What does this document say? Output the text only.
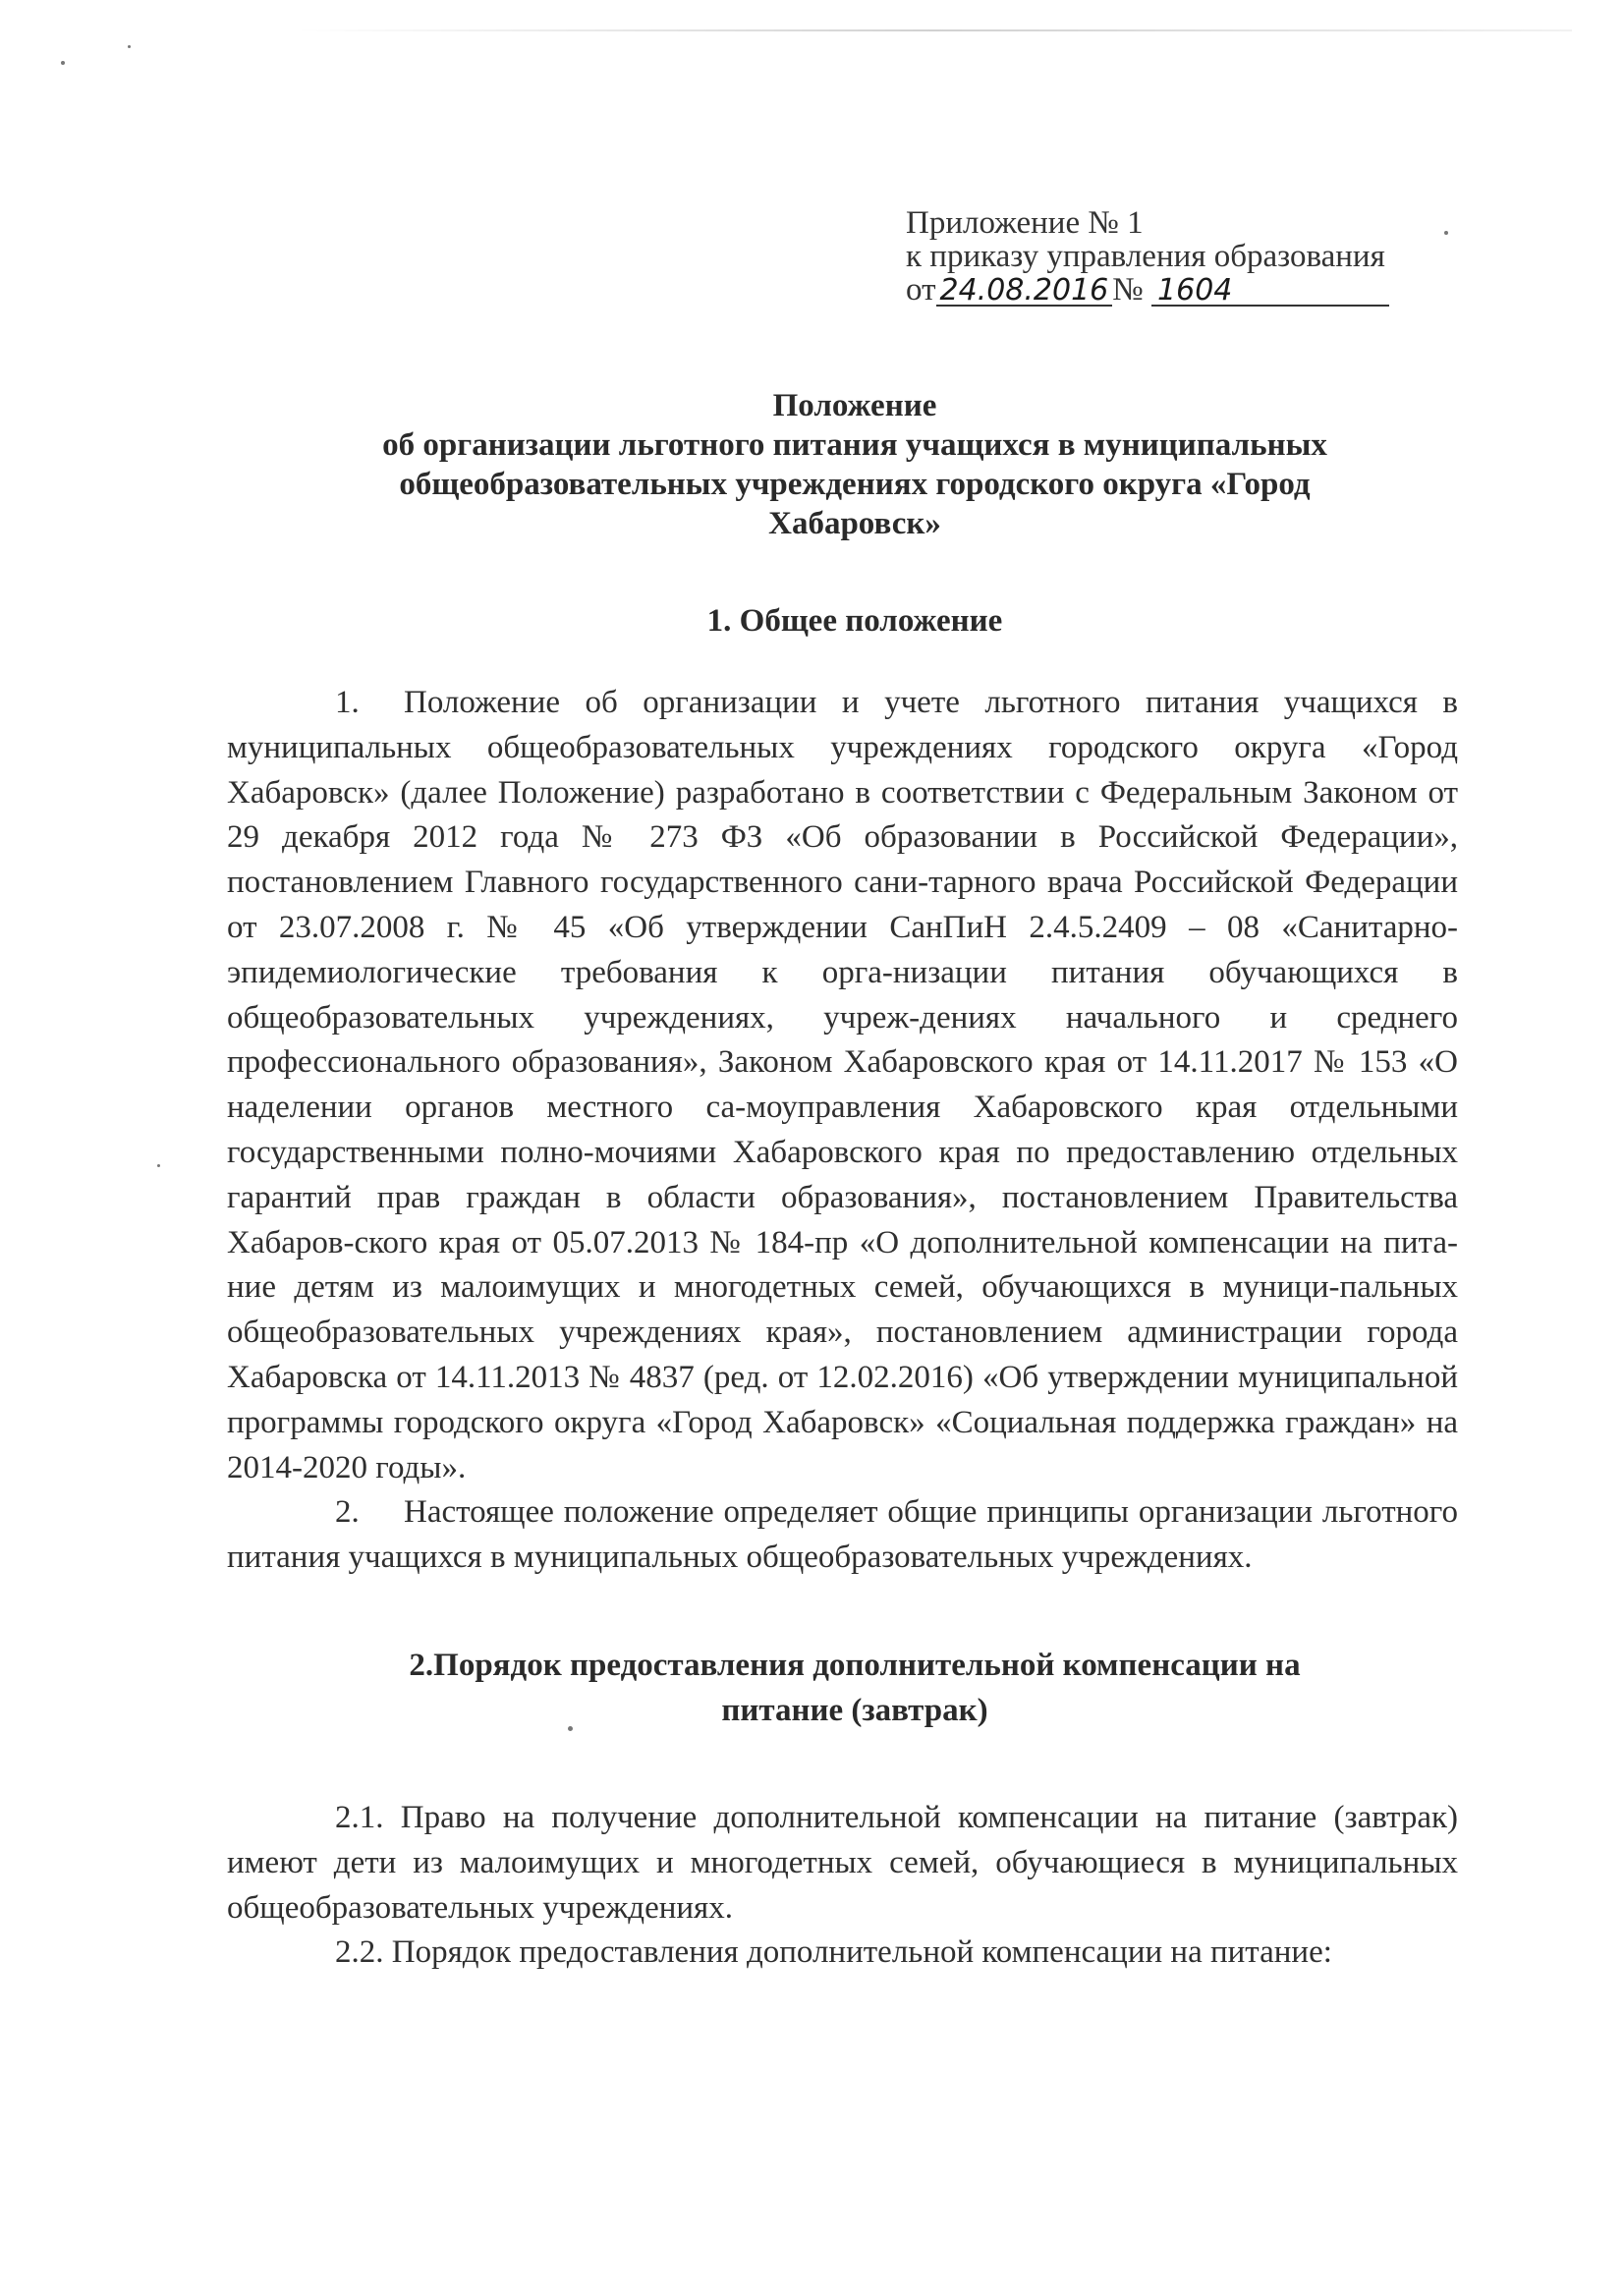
Приложение № 1
к приказу управления образования
от 24.08.2016 № 1604
Положение
об организации льготного питания учащихся в муниципальных
общеобразовательных учреждениях городского округа «Город
Хабаровск»
1. Общее положение

1. Положение об организации и учете льготного питания учащихся в муниципальных общеобразовательных учреждениях городского округа «Город Хабаровск» (далее Положение) разработано в соответствии с Федеральным Законом от 29 декабря 2012 года № 273 ФЗ «Об образовании в Российской Федерации», постановлением Главного государственного сани-тарного врача Российской Федерации от 23.07.2008 г. № 45 «Об утверждении СанПиН 2.4.5.2409 – 08 «Санитарно-эпидемиологические требования к орга-низации питания обучающихся в общеобразовательных учреждениях, учреж-дениях начального и среднего профессионального образования», Законом Хабаровского края от 14.11.2017 № 153 «О наделении органов местного са-моуправления Хабаровского края отдельными государственными полно-мочиями Хабаровского края по предоставлению отдельных гарантий прав граждан в области образования», постановлением Правительства Хабаров-ского края от 05.07.2013 № 184-пр «О дополнительной компенсации на пита-ние детям из малоимущих и многодетных семей, обучающихся в муници-пальных общеобразовательных учреждениях края», постановлением администрации города Хабаровска от 14.11.2013 № 4837 (ред. от 12.02.2016) «Об утверждении муниципальной программы городского округа «Город Хабаровск» «Социальная поддержка граждан» на 2014-2020 годы».

2. Настоящее положение определяет общие принципы организации льготного питания учащихся в муниципальных общеобразовательных учреждениях.

2.Порядок предоставления дополнительной компенсации на
питание (завтрак)

2.1. Право на получение дополнительной компенсации на питание (завтрак) имеют дети из малоимущих и многодетных семей, обучающиеся в муниципальных общеобразовательных учреждениях.

2.2. Порядок предоставления дополнительной компенсации на питание:
